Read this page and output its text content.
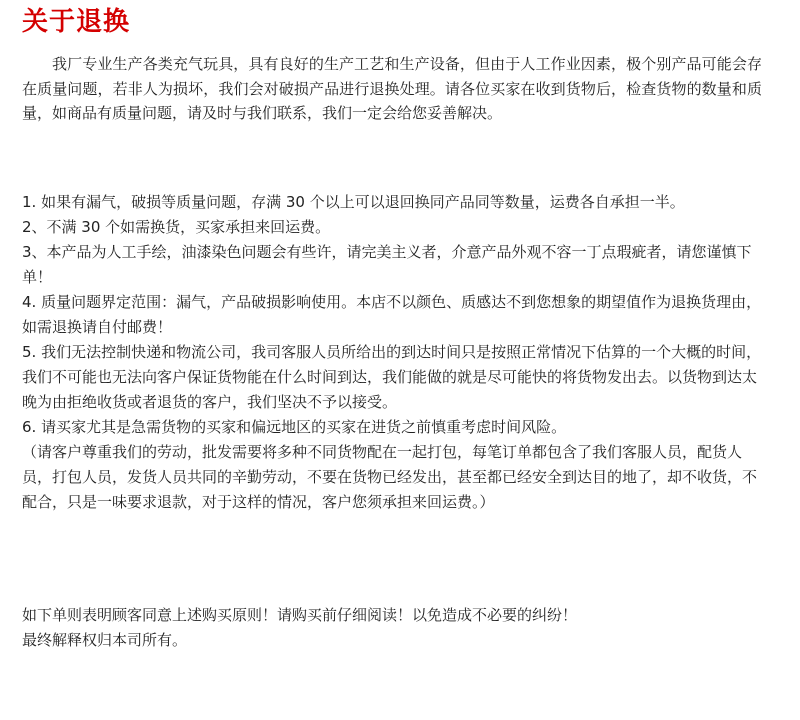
关于退换

我厂专业生产各类充气玩具，具有良好的生产工艺和生产设备，但由于人工作业因素，极个别产品可能会存在质量问题，若非人为损坏，我们会对破损产品进行退换处理。请各位买家在收到货物后，检查货物的数量和质量，如商品有质量问题，请及时与我们联系，我们一定会给您妥善解决。

1. 如果有漏气，破损等质量问题，存满 30 个以上可以退回换同产品同等数量，运费各自承担一半。
2、不满 30 个如需换货，买家承担来回运费。
3、本产品为人工手绘，油漆染色问题会有些许，请完美主义者，介意产品外观不容一丁点瑕疵者，请您谨慎下单！
4. 质量问题界定范围：漏气，产品破损影响使用。本店不以颜色、质感达不到您想象的期望值作为退换货理由，如需退换请自付邮费！
5. 我们无法控制快递和物流公司，我司客服人员所给出的到达时间只是按照正常情况下估算的一个大概的时间，我们不可能也无法向客户保证货物能在什么时间到达，我们能做的就是尽可能快的将货物发出去。以货物到达太晚为由拒绝收货或者退货的客户，我们坚决不予以接受。
6. 请买家尤其是急需货物的买家和偏远地区的买家在进货之前慎重考虑时间风险。
（请客户尊重我们的劳动，批发需要将多种不同货物配在一起打包，每笔订单都包含了我们客服人员，配货人员，打包人员，发货人员共同的辛勤劳动，不要在货物已经发出，甚至都已经安全到达目的地了，却不收货，不配合，只是一味要求退款，对于这样的情况，客户您须承担来回运费。）

如下单则表明顾客同意上述购买原则！请购买前仔细阅读！以免造成不必要的纠纷！

最终解释权归本司所有。
